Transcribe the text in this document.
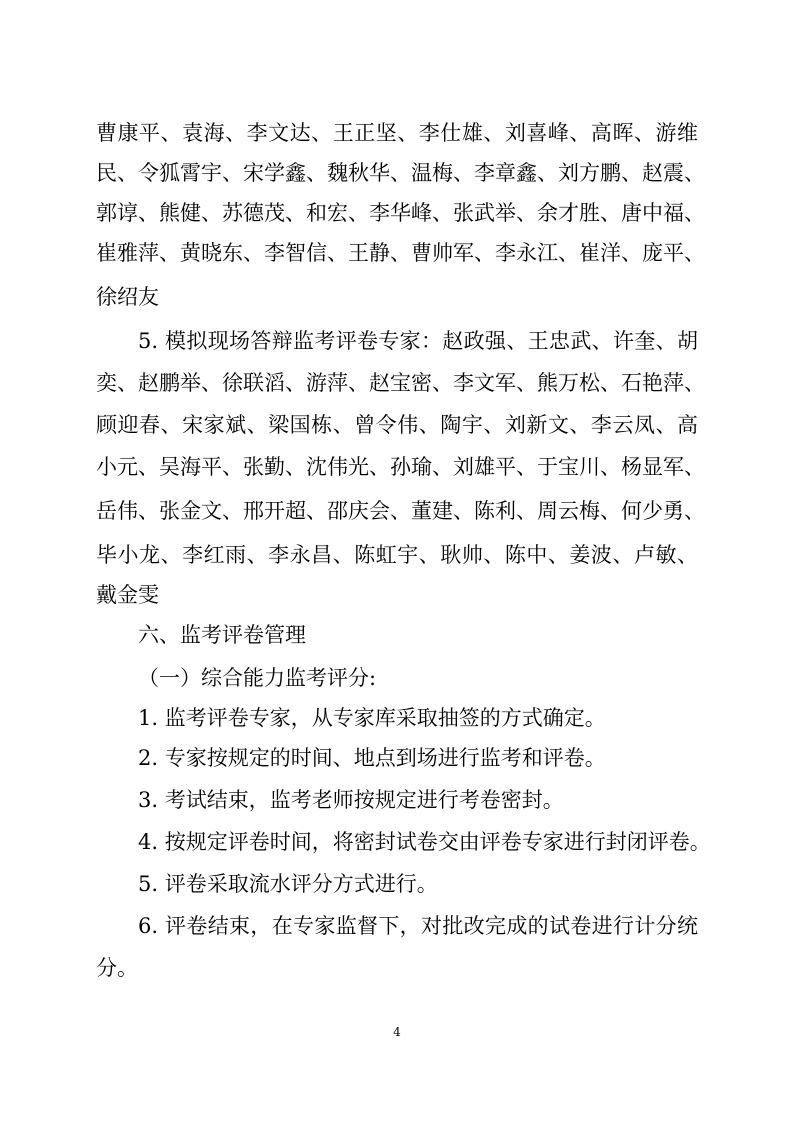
曹康平、袁海、李文达、王正坚、李仕雄、刘喜峰、高晖、游维
民、令狐霄宇、宋学鑫、魏秋华、温梅、李章鑫、刘方鹏、赵震、
郭谆、熊健、苏德茂、和宏、李华峰、张武举、余才胜、唐中福、
崔雅萍、黄晓东、李智信、王静、曹帅军、李永江、崔洋、庞平、
徐绍友
5. 模拟现场答辩监考评卷专家：赵政强、王忠武、许奎、胡
奕、赵鹏举、徐联滔、游萍、赵宝密、李文军、熊万松、石艳萍、
顾迎春、宋家斌、梁国栋、曾令伟、陶宇、刘新文、李云凤、高
小元、吴海平、张勤、沈伟光、孙瑜、刘雄平、于宝川、杨显军、
岳伟、张金文、邢开超、邵庆会、董建、陈利、周云梅、何少勇、
毕小龙、李红雨、李永昌、陈虹宇、耿帅、陈中、姜波、卢敏、
戴金雯
六、监考评卷管理
（一）综合能力监考评分:
1. 监考评卷专家，从专家库采取抽签的方式确定。
2. 专家按规定的时间、地点到场进行监考和评卷。
3. 考试结束，监考老师按规定进行考卷密封。
4. 按规定评卷时间，将密封试卷交由评卷专家进行封闭评卷。
5. 评卷采取流水评分方式进行。
6. 评卷结束，在专家监督下，对批改完成的试卷进行计分统
分。
4
